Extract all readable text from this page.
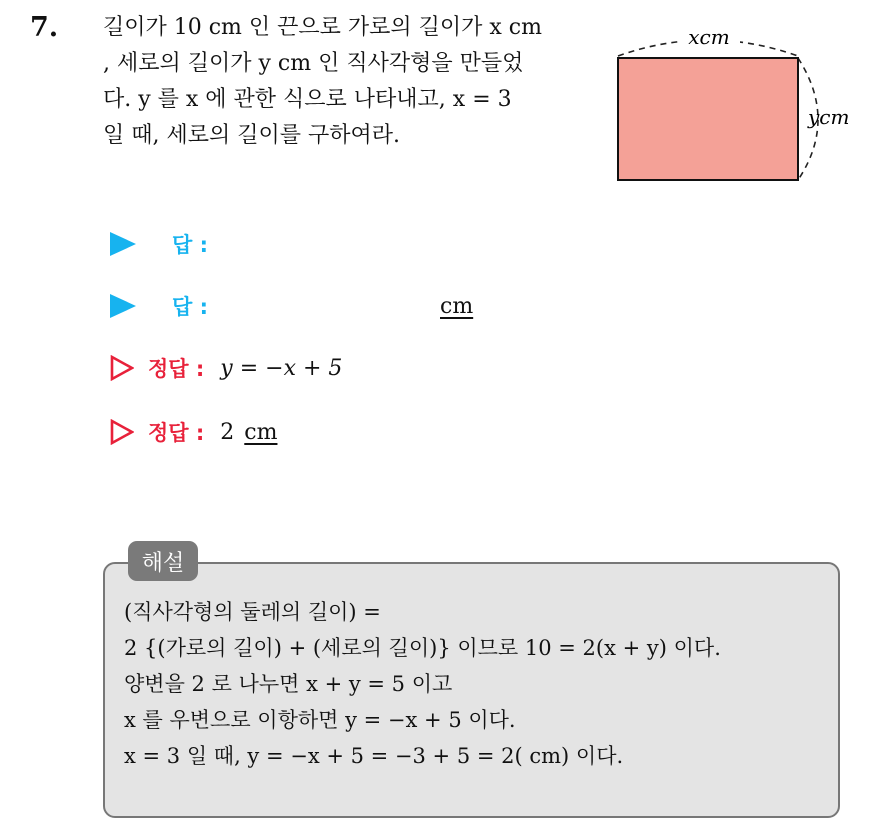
7. 길이가 10 cm 인 끈으로 가로의 길이가 x cm
, 세로의 길이가 y cm 인 직사각형을 만들었
다. y 를 x 에 관한 식으로 나타내고, x = 3
일 때, 세로의 길이를 구하여라.
xcm
ycm
답 :
답 :	cm
정답 : y = −x + 5
정답 : 2 cm
해설
(직사각형의 둘레의 길이) =
2 {(가로의 길이) + (세로의 길이)} 이므로 10 = 2(x + y) 이다.
양변을 2 로 나누면 x + y = 5 이고
x 를 우변으로 이항하면 y = −x + 5 이다.
x = 3 일 때, y = −x + 5 = −3 + 5 = 2( cm) 이다.
